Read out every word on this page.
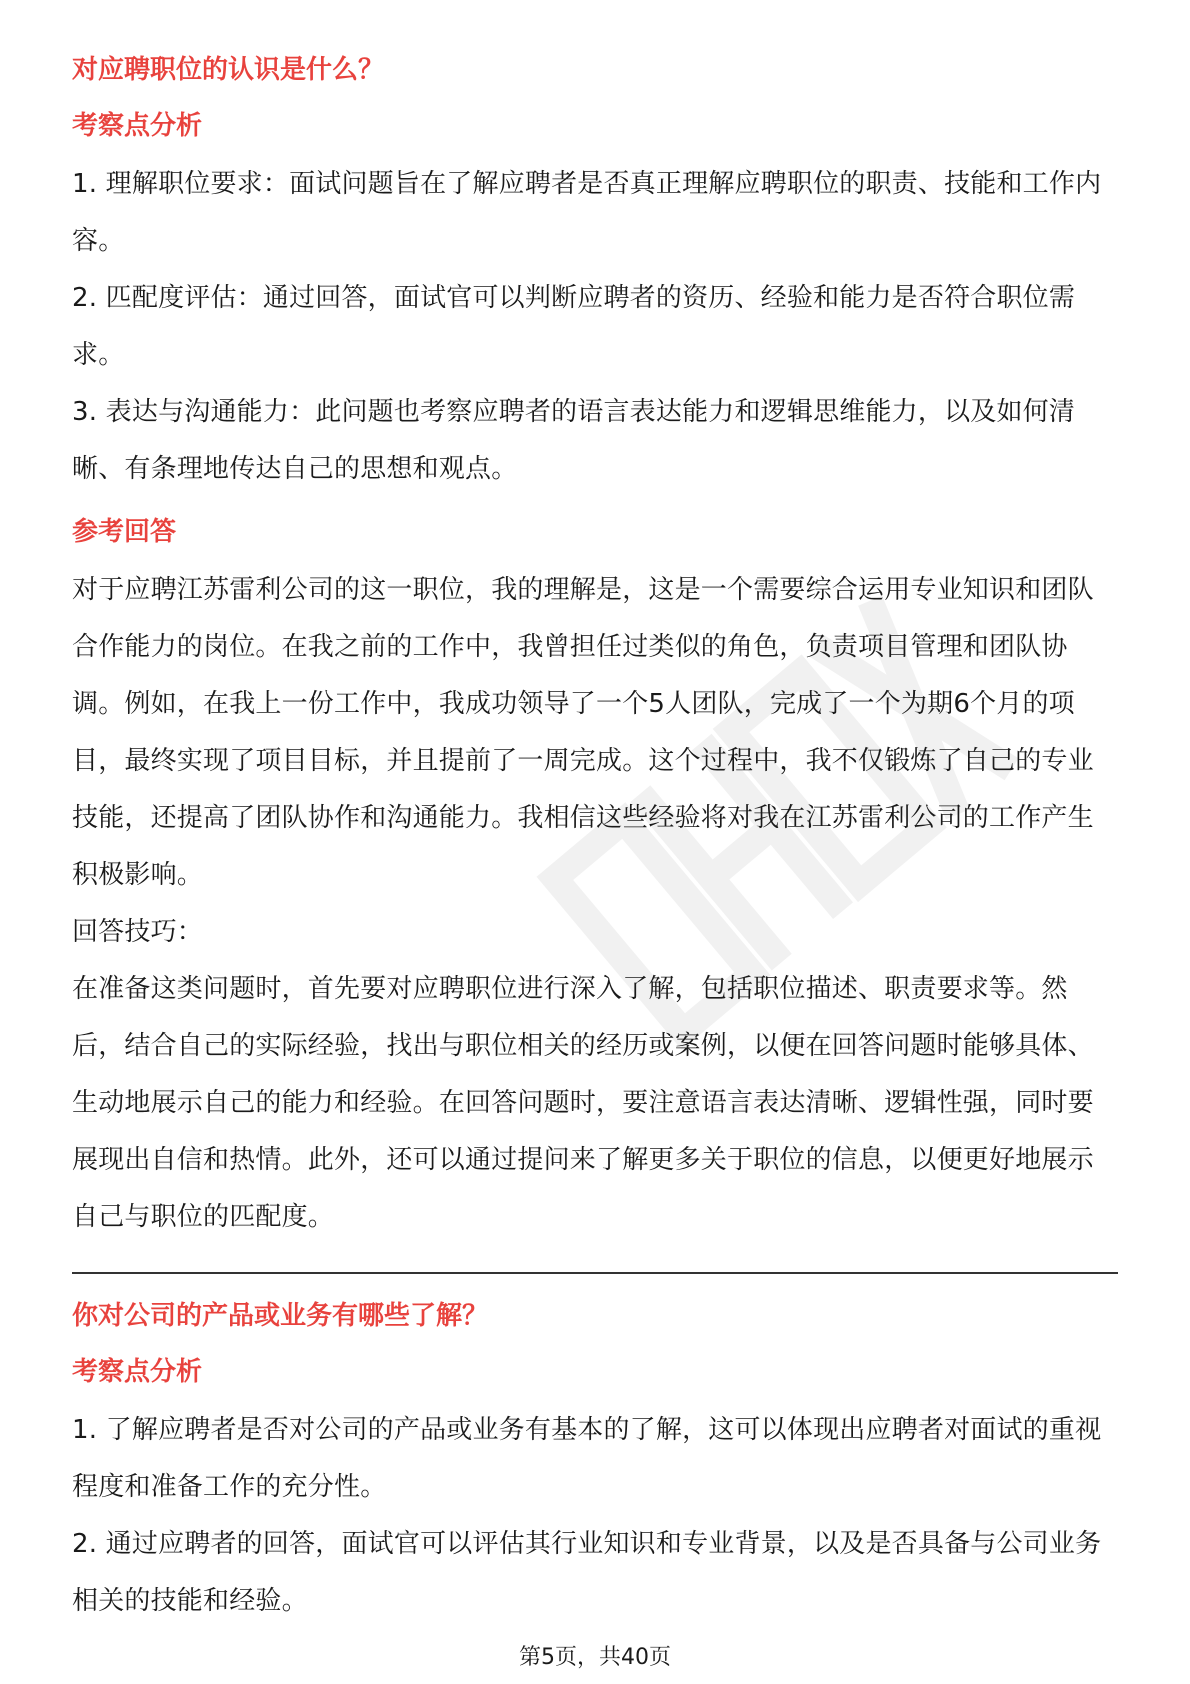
对应聘职位的认识是什么？
考察点分析

1. 理解职位要求：面试问题旨在了解应聘者是否真正理解应聘职位的职责、技能和工作内容。

2. 匹配度评估：通过回答，面试官可以判断应聘者的资历、经验和能力是否符合职位需求。

3. 表达与沟通能力：此问题也考察应聘者的语言表达能力和逻辑思维能力，以及如何清晰、有条理地传达自己的思想和观点。

参考回答

对于应聘江苏雷利公司的这一职位，我的理解是，这是一个需要综合运用专业知识和团队合作能力的岗位。在我之前的工作中，我曾担任过类似的角色，负责项目管理和团队协调。例如，在我上一份工作中，我成功领导了一个5人团队，完成了一个为期6个月的项目，最终实现了项目目标，并且提前了一周完成。这个过程中，我不仅锻炼了自己的专业技能，还提高了团队协作和沟通能力。我相信这些经验将对我在江苏雷利公司的工作产生积极影响。

回答技巧：

在准备这类问题时，首先要对应聘职位进行深入了解，包括职位描述、职责要求等。然后，结合自己的实际经验，找出与职位相关的经历或案例，以便在回答问题时能够具体、生动地展示自己的能力和经验。在回答问题时，要注意语言表达清晰、逻辑性强，同时要展现出自信和热情。此外，还可以通过提问来了解更多关于职位的信息，以便更好地展示自己与职位的匹配度。

你对公司的产品或业务有哪些了解？
考察点分析

1. 了解应聘者是否对公司的产品或业务有基本的了解，这可以体现出应聘者对面试的重视程度和准备工作的充分性。

2. 通过应聘者的回答，面试官可以评估其行业知识和专业背景，以及是否具备与公司业务相关的技能和经验。

第5页，共40页
